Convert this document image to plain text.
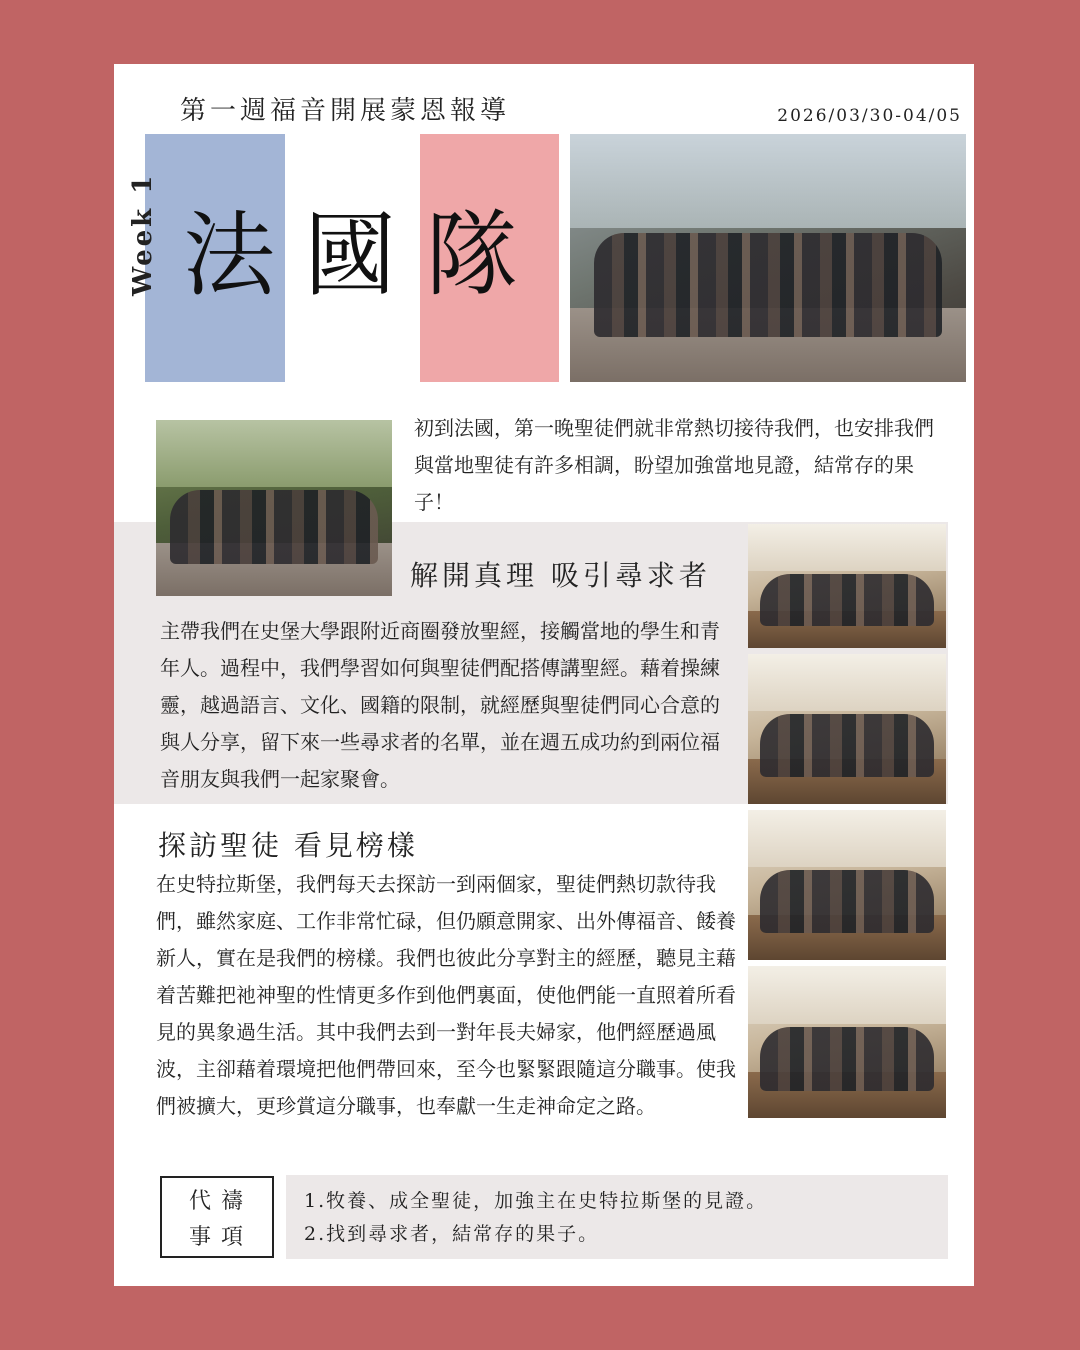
第一週福音開展蒙恩報導	2026/03/30-04/05
Week 1 法 國 隊
初到法國，第一晚聖徒們就非常熱切接待我們，也安排我們與當地聖徒有許多相調，盼望加強當地見證，結常存的果子！
解開真理 吸引尋求者
主帶我們在史堡大學跟附近商圈發放聖經，接觸當地的學生和青年人。過程中，我們學習如何與聖徒們配搭傳講聖經。藉着操練靈，越過語言、文化、國籍的限制，就經歷與聖徒們同心合意的與人分享，留下來一些尋求者的名單，並在週五成功約到兩位福音朋友與我們一起家聚會。
探訪聖徒 看見榜樣
在史特拉斯堡，我們每天去探訪一到兩個家，聖徒們熱切款待我們，雖然家庭、工作非常忙碌，但仍願意開家、出外傳福音、餧養新人，實在是我們的榜樣。我們也彼此分享對主的經歷，聽見主藉着苦難把祂神聖的性情更多作到他們裏面，使他們能一直照着所看見的異象過生活。其中我們去到一對年長夫婦家，他們經歷過風波，主卻藉着環境把他們帶回來，至今也緊緊跟隨這分職事。使我們被擴大，更珍賞這分職事，也奉獻一生走神命定之路。
代禱
事項
1.牧養、成全聖徒，加強主在史特拉斯堡的見證。
2.找到尋求者，結常存的果子。
